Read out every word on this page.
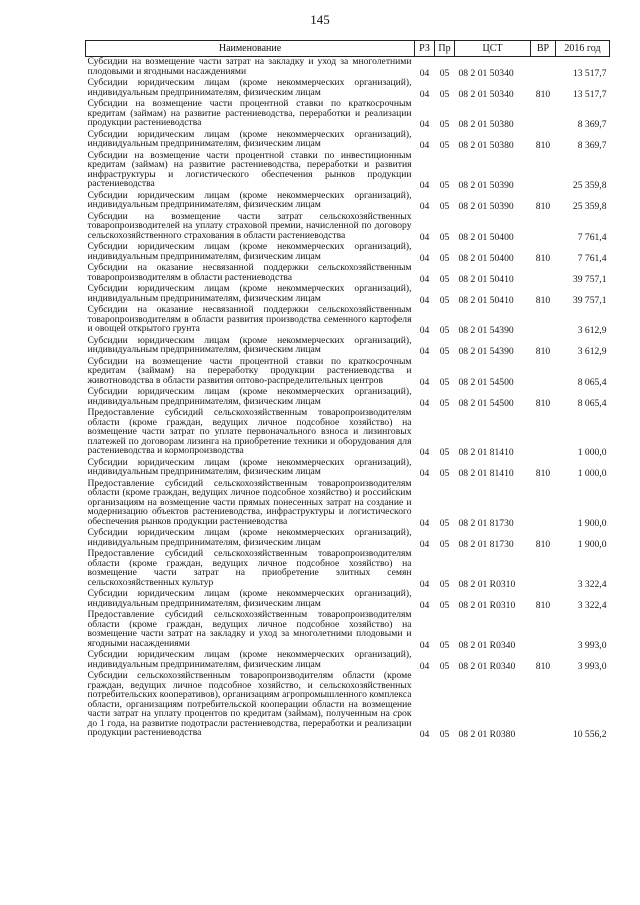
145
Наименование	РЗ	Пр	ЦСТ	ВР	2016 год
Субсидии на возмещение части затрат на закладку и уход за многолетними плодовыми и ягодными насаждениями	04	05	08 2 01 50340		13 517,7
Субсидии юридическим лицам (кроме некоммерческих организаций), индивидуальным предпринимателям, физическим лицам	04	05	08 2 01 50340	810	13 517,7
Субсидии на возмещение части процентной ставки по краткосрочным кредитам (займам) на развитие растениеводства, переработки и реализации продукции растениеводства	04	05	08 2 01 50380		8 369,7
Субсидии юридическим лицам (кроме некоммерческих организаций), индивидуальным предпринимателям, физическим лицам	04	05	08 2 01 50380	810	8 369,7
Субсидии на возмещение части процентной ставки по инвестиционным кредитам (займам) на развитие растениеводства, переработки и развития инфраструктуры и логистического обеспечения рынков продукции растениеводства	04	05	08 2 01 50390		25 359,8
Субсидии юридическим лицам (кроме некоммерческих организаций), индивидуальным предпринимателям, физическим лицам	04	05	08 2 01 50390	810	25 359,8
Субсидии на возмещение части затрат сельскохозяйственных товаропроизводителей на уплату страховой премии, начисленной по договору сельскохозяйственного страхования в области растениеводства	04	05	08 2 01 50400		7 761,4
Субсидии юридическим лицам (кроме некоммерческих организаций), индивидуальным предпринимателям, физическим лицам	04	05	08 2 01 50400	810	7 761,4
Субсидии на оказание несвязанной поддержки сельскохозяйственным товаропроизводителям в области растениеводства	04	05	08 2 01 50410		39 757,1
Субсидии юридическим лицам (кроме некоммерческих организаций), индивидуальным предпринимателям, физическим лицам	04	05	08 2 01 50410	810	39 757,1
Субсидии на оказание несвязанной поддержки сельскохозяйственным товаропроизводителям в области развития производства семенного картофеля и овощей открытого грунта	04	05	08 2 01 54390		3 612,9
Субсидии юридическим лицам (кроме некоммерческих организаций), индивидуальным предпринимателям, физическим лицам	04	05	08 2 01 54390	810	3 612,9
Субсидии на возмещение части процентной ставки по краткосрочным кредитам (займам) на переработку продукции растениеводства и животноводства в области развития оптово-распределительных центров	04	05	08 2 01 54500		8 065,4
Субсидии юридическим лицам (кроме некоммерческих организаций), индивидуальным предпринимателям, физическим лицам	04	05	08 2 01 54500	810	8 065,4
Предоставление субсидий сельскохозяйственным товаропроизводителям области (кроме граждан, ведущих личное подсобное хозяйство) на возмещение части затрат по уплате первоначального взноса и лизинговых платежей по договорам лизинга на приобретение техники и оборудования для растениеводства и кормопроизводства	04	05	08 2 01 81410		1 000,0
Субсидии юридическим лицам (кроме некоммерческих организаций), индивидуальным предпринимателям, физическим лицам	04	05	08 2 01 81410	810	1 000,0
Предоставление субсидий сельскохозяйственным товаропроизводителям области (кроме граждан, ведущих личное подсобное хозяйство) и российским организациям на возмещение части прямых понесенных затрат на создание и модернизацию объектов растениеводства, инфраструктуры и логистического обеспечения рынков продукции растениеводства	04	05	08 2 01 81730		1 900,0
Субсидии юридическим лицам (кроме некоммерческих организаций), индивидуальным предпринимателям, физическим лицам	04	05	08 2 01 81730	810	1 900,0
Предоставление субсидий сельскохозяйственным товаропроизводителям области (кроме граждан, ведущих личное подсобное хозяйство) на возмещение части затрат на приобретение элитных семян сельскохозяйственных культур	04	05	08 2 01 R0310		3 322,4
Субсидии юридическим лицам (кроме некоммерческих организаций), индивидуальным предпринимателям, физическим лицам	04	05	08 2 01 R0310	810	3 322,4
Предоставление субсидий сельскохозяйственным товаропроизводителям области (кроме граждан, ведущих личное подсобное хозяйство) на возмещение части затрат на закладку и уход за многолетними плодовыми и ягодными насаждениями	04	05	08 2 01 R0340		3 993,0
Субсидии юридическим лицам (кроме некоммерческих организаций), индивидуальным предпринимателям, физическим лицам	04	05	08 2 01 R0340	810	3 993,0
Субсидии сельскохозяйственным товаропроизводителям области (кроме граждан, ведущих личное подсобное хозяйство, и сельскохозяйственных потребительских кооперативов), организациям агропромышленного комплекса области, организациям потребительской кооперации области на возмещение части затрат на уплату процентов по кредитам (займам), полученным на срок до 1 года, на развитие подотрасли растениеводства, переработки и реализации продукции растениеводства	04	05	08 2 01 R0380		10 556,2
